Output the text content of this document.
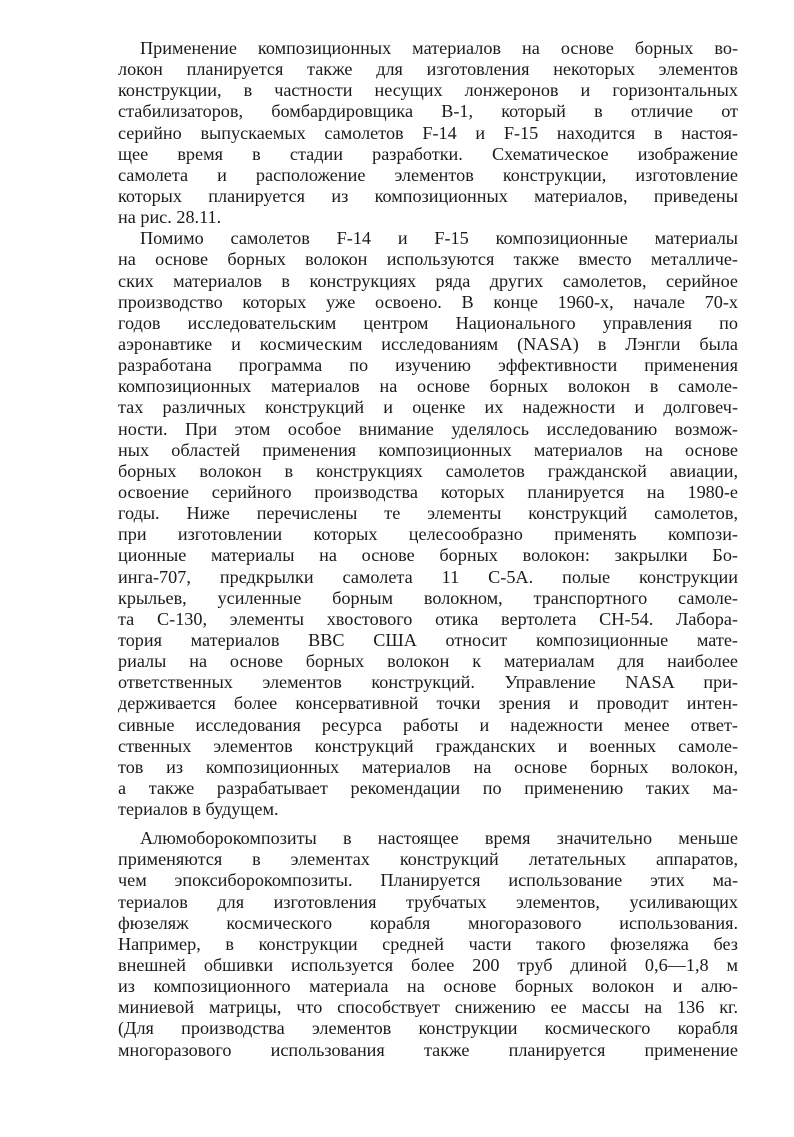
Применение композиционных материалов на основе борных во-
локон планируется также для изготовления некоторых элементов
конструкции, в частности несущих лонжеронов и горизонтальных
стабилизаторов, бомбардировщика В-1, который в отличие от
серийно выпускаемых самолетов F-14 и F-15 находится в настоя-
щее время в стадии разработки. Схематическое изображение
самолета и расположение элементов конструкции, изготовление
которых планируется из композиционных материалов, приведены
на рис. 28.11.
Помимо самолетов F-14 и F-15 композиционные материалы
на основе борных волокон используются также вместо металличе-
ских материалов в конструкциях ряда других самолетов, серийное
производство которых уже освоено. В конце 1960-х, начале 70-х
годов исследовательским центром Национального управления по
аэронавтике и космическим исследованиям (NASA) в Лэнгли была
разработана программа по изучению эффективности применения
композиционных материалов на основе борных волокон в самоле-
тах различных конструкций и оценке их надежности и долговеч-
ности. При этом особое внимание уделялось исследованию возмож-
ных областей применения композиционных материалов на основе
борных волокон в конструкциях самолетов гражданской авиации,
освоение серийного производства которых планируется на 1980-е
годы. Ниже перечислены те элементы конструкций самолетов,
при изготовлении которых целесообразно применять компози-
ционные материалы на основе борных волокон: закрылки Бо-
инга-707, предкрылки самолета 11 С-5А. полые конструкции
крыльев, усиленные борным волокном, транспортного самоле-
та С-130, элементы хвостового отика вертолета СН-54. Лабора-
тория материалов ВВС США относит композиционные мате-
риалы на основе борных волокон к материалам для наиболее
ответственных элементов конструкций. Управление NASA при-
держивается более консервативной точки зрения и проводит интен-
сивные исследования ресурса работы и надежности менее ответ-
ственных элементов конструкций гражданских и военных самоле-
тов из композиционных материалов на основе борных волокон,
а также разрабатывает рекомендации по применению таких ма-
териалов в будущем.
Алюмоборокомпозиты в настоящее время значительно меньше
применяются в элементах конструкций летательных аппаратов,
чем эпоксиборокомпозиты. Планируется использование этих ма-
териалов для изготовления трубчатых элементов, усиливающих
фюзеляж космического корабля многоразового использования.
Например, в конструкции средней части такого фюзеляжа без
внешней обшивки используется более 200 труб длиной 0,6—1,8 м
из композиционного материала на основе борных волокон и алю-
миниевой матрицы, что способствует снижению ее массы на 136 кг.
(Для производства элементов конструкции космического корабля
многоразового использования также планируется применение
